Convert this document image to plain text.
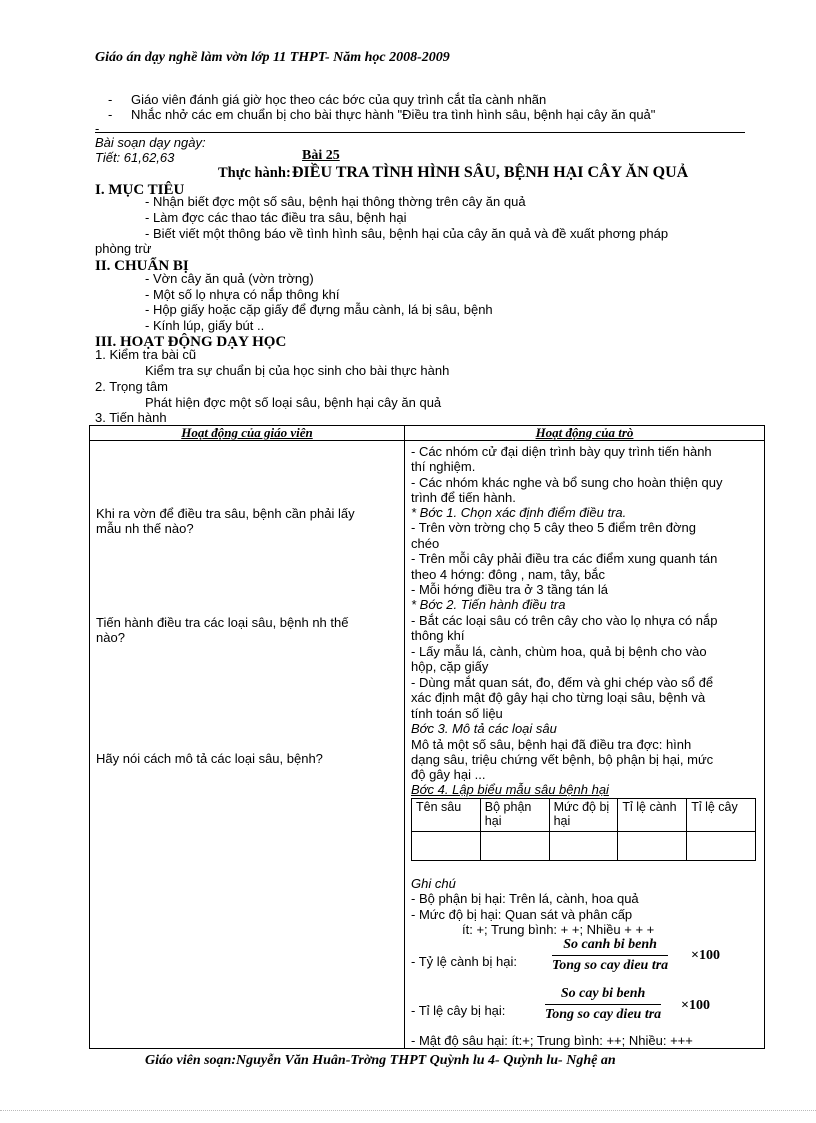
Giáo án dạy nghề làm vờn lớp 11 THPT- Năm học 2008-2009
- Giáo viên đánh giá giờ học theo các bớc của quy trình cắt tỉa cành nhãn
- Nhắc nhở các em chuẩn bị cho bài thực hành "Điều tra tình hình sâu, bệnh hại cây ăn quả"
-
Bài soạn dạy ngày:
Tiết: 61,62,63	Bài 25
Thực hành: ĐIỀU TRA TÌNH HÌNH SÂU, BỆNH HẠI CÂY ĂN QUẢ
I. MỤC TIÊU
- Nhận biết đợc một số sâu, bệnh hại thông thờng trên cây ăn quả
- Làm đợc các thao tác điều tra sâu, bệnh hại
- Biết viết một thông báo về tình hình sâu, bệnh hại của cây ăn quả và đề xuất phơng pháp
phòng trừ
II. CHUẨN BỊ
- Vờn cây ăn quả (vờn trờng)
- Một số lọ nhựa có nắp thông khí
- Hộp giấy hoặc cặp giấy để đựng mẫu cành, lá bị sâu, bệnh
- Kính lúp, giấy bút ..
III. HOẠT ĐỘNG DẠY HỌC
1. Kiểm tra bài cũ
Kiểm tra sự chuẩn bị của học sinh cho bài thực hành
2. Trọng tâm
Phát hiện đợc một số loại sâu, bệnh hại cây ăn quả
3. Tiến hành
Hoạt động của giáo viên	Hoạt động của trò

Khi ra vờn để điều tra sâu, bệnh cần phải lấy
mẫu nh thế nào?
Tiến hành điều tra các loại sâu, bệnh nh thế
nào?
Hãy nói cách mô tả các loại sâu, bệnh?

- Các nhóm cử đại diện trình bày quy trình tiến hành
thí nghiệm.
- Các nhóm khác nghe và bổ sung cho hoàn thiện quy
trình để tiến hành.
* Bớc 1. Chọn xác định điểm điều tra.
- Trên vờn trờng chọ 5 cây theo 5 điểm trên đờng
chéo
- Trên mỗi cây phải điều tra các điểm xung quanh tán
theo 4 hớng: đông , nam, tây, bắc
- Mỗi hớng điều tra ở 3 tầng tán lá
* Bớc 2. Tiến hành điều tra
- Bắt các loại sâu có trên cây cho vào lọ nhựa có nắp
thông khí
- Lấy mẫu lá, cành, chùm hoa, quả bị bệnh cho vào
hộp, cặp giấy
- Dùng mắt quan sát, đo, đếm và ghi chép vào sổ để
xác định mật độ gây hại cho từng loại sâu, bệnh và
tính toán số liệu
Bớc 3. Mô tả các loại sâu
Mô tả một số sâu, bệnh hại đã điều tra đợc: hình
dạng sâu, triệu chứng vết bệnh, bộ phận bị hại, mức
độ gây hại ...
Bớc 4. Lập biểu mẫu sâu bệnh hại
Tên sâu	Bộ phận hại	Mức độ bị hại	Tỉ lệ cành	Tỉ lệ cây

Ghi chú
- Bộ phận bị hại: Trên lá, cành, hoa quả
- Mức độ bị hại: Quan sát và phân cấp
ít: +; Trung bình: + +; Nhiều + + +
- Tỷ lệ cành bị hại:
So canh bi benh
Tong so cay dieu tra
×100
- Tỉ lệ cây bị hại:
So cay bi benh
Tong so cay dieu tra
×100
- Mật độ sâu hại: ít:+; Trung bình: ++; Nhiều: +++
Giáo viên soạn:Nguyễn Văn Huân-Trờng THPT Quỳnh lu 4- Quỳnh lu- Nghệ an
